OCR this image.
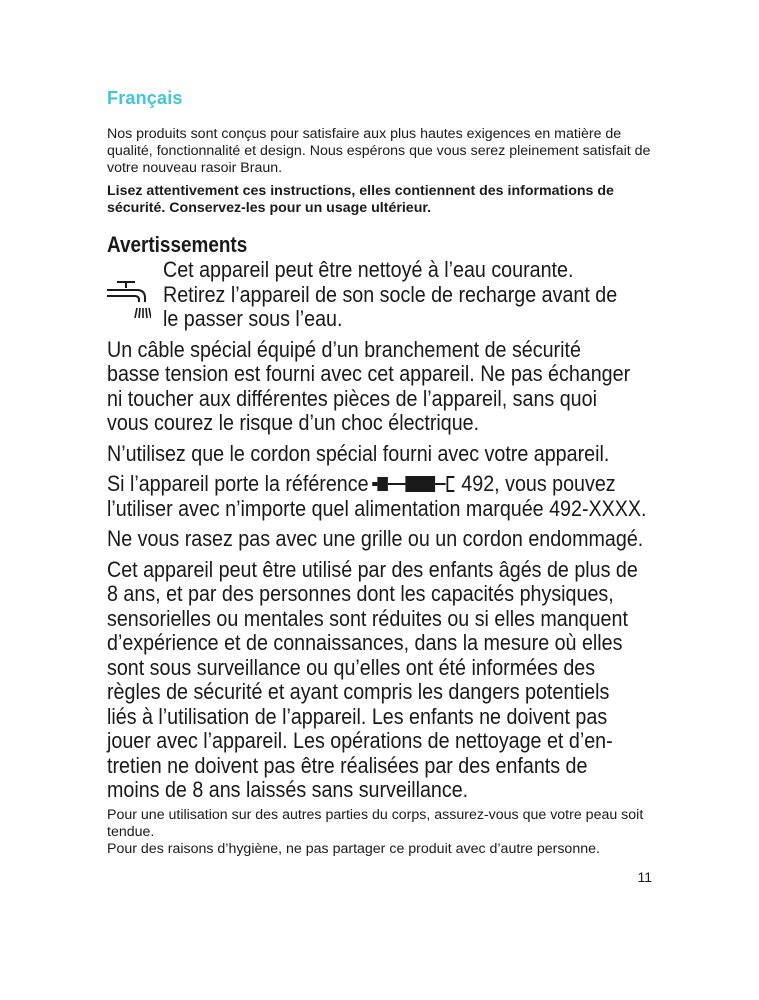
Français

Nos produits sont conçus pour satisfaire aux plus hautes exigences en matière de qualité, fonctionnalité et design. Nous espérons que vous serez pleinement satisfait de votre nouveau rasoir Braun.

Lisez attentivement ces instructions, elles contiennent des informations de sécurité. Conservez-les pour un usage ultérieur.

Avertissements

Cet appareil peut être nettoyé à l’eau courante.

Retirez l’appareil de son socle de recharge avant de

le passer sous l’eau.

Un câble spécial équipé d’un branchement de sécurité

basse tension est fourni avec cet appareil. Ne pas échanger

ni toucher aux différentes pièces de l’appareil, sans quoi

vous courez le risque d’un choc électrique.

N’utilisez que le cordon spécial fourni avec votre appareil.

Si l’appareil porte la référence	492, vous pouvez

l’utiliser avec n’importe quel alimentation marquée 492-XXXX.

Ne vous rasez pas avec une grille ou un cordon endommagé.

Cet appareil peut être utilisé par des enfants âgés de plus de

8 ans, et par des personnes dont les capacités physiques,

sensorielles ou mentales sont réduites ou si elles manquent

d’expérience et de connaissances, dans la mesure où elles

sont sous surveillance ou qu’elles ont été informées des

règles de sécurité et ayant compris les dangers potentiels

liés à l’utilisation de l’appareil. Les enfants ne doivent pas

jouer avec l’appareil. Les opérations de nettoyage et d’en-

tretien ne doivent pas être réalisées par des enfants de

moins de 8 ans laissés sans surveillance.

Pour une utilisation sur des autres parties du corps, assurez-vous que votre peau soit tendue.

Pour des raisons d’hygiène, ne pas partager ce produit avec d’autre personne.

11
